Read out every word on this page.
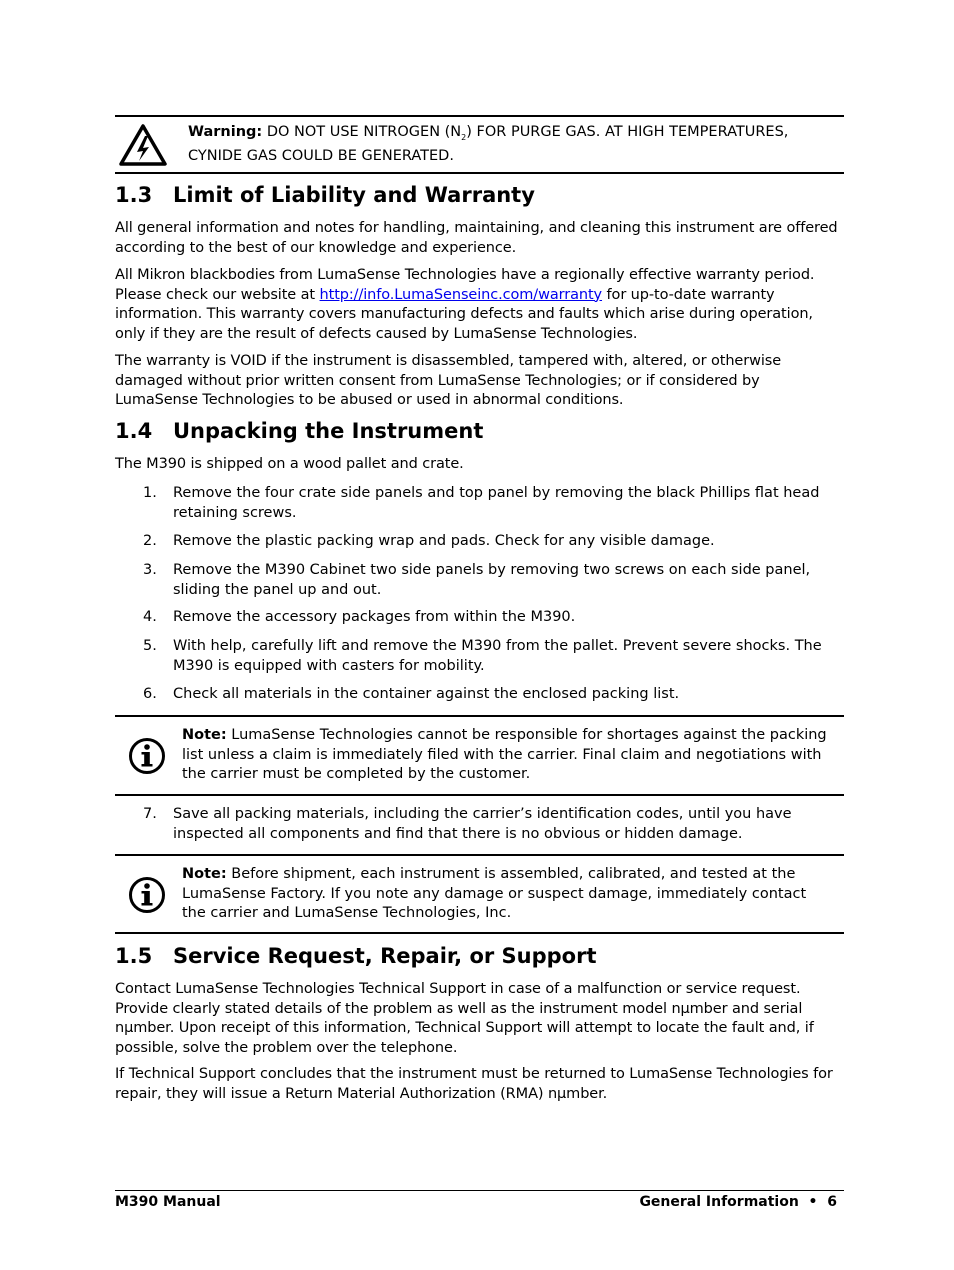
Warning: DO NOT USE NITROGEN $(N_2)$ FOR PURGE GAS. AT HIGH TEMPERATURES,
CYNIDE GAS COULD BE GENERATED.
1.3 Limit of Liability and Warranty

All general information and notes for handling, maintaining, and cleaning this instrument are offered according to the best of our knowledge and experience.

All Mikron blackbodies from LumaSense Technologies have a regionally effective warranty period. Please check our website at http://info.LumaSenseinc.com/warranty for up-to-date warranty information. This warranty covers manufacturing defects and faults which arise during operation, only if they are the result of defects caused by LumaSense Technologies.

The warranty is VOID if the instrument is disassembled, tampered with, altered, or otherwise damaged without prior written consent from LumaSense Technologies; or if considered by LumaSense Technologies to be abused or used in abnormal conditions.

1.4 Unpacking the Instrument

The M390 is shipped on a wood pallet and crate.

1. Remove the four crate side panels and top panel by removing the black Phillips flat head retaining screws.
2. Remove the plastic packing wrap and pads. Check for any visible damage.
3. Remove the M390 Cabinet two side panels by removing two screws on each side panel, sliding the panel up and out.
4. Remove the accessory packages from within the M390.
5. With help, carefully lift and remove the M390 from the pallet. Prevent severe shocks. The M390 is equipped with casters for mobility.
6. Check all materials in the container against the enclosed packing list.
Note: LumaSense Technologies cannot be responsible for shortages against the packing list unless a claim is immediately filed with the carrier. Final claim and negotiations with the carrier must be completed by the customer.
7. Save all packing materials, including the carrier’s identification codes, until you have inspected all components and find that there is no obvious or hidden damage.
Note: Before shipment, each instrument is assembled, calibrated, and tested at the LumaSense Factory. If you note any damage or suspect damage, immediately contact the carrier and LumaSense Technologies, Inc.
1.5 Service Request, Repair, or Support

Contact LumaSense Technologies Technical Support in case of a malfunction or service request. Provide clearly stated details of the problem as well as the instrument model nµmber and serial nµmber. Upon receipt of this information, Technical Support will attempt to locate the fault and, if possible, solve the problem over the telephone.

If Technical Support concludes that the instrument must be returned to LumaSense Technologies for repair, they will issue a Return Material Authorization (RMA) nµmber.

M390 Manual	General Information  •  6
